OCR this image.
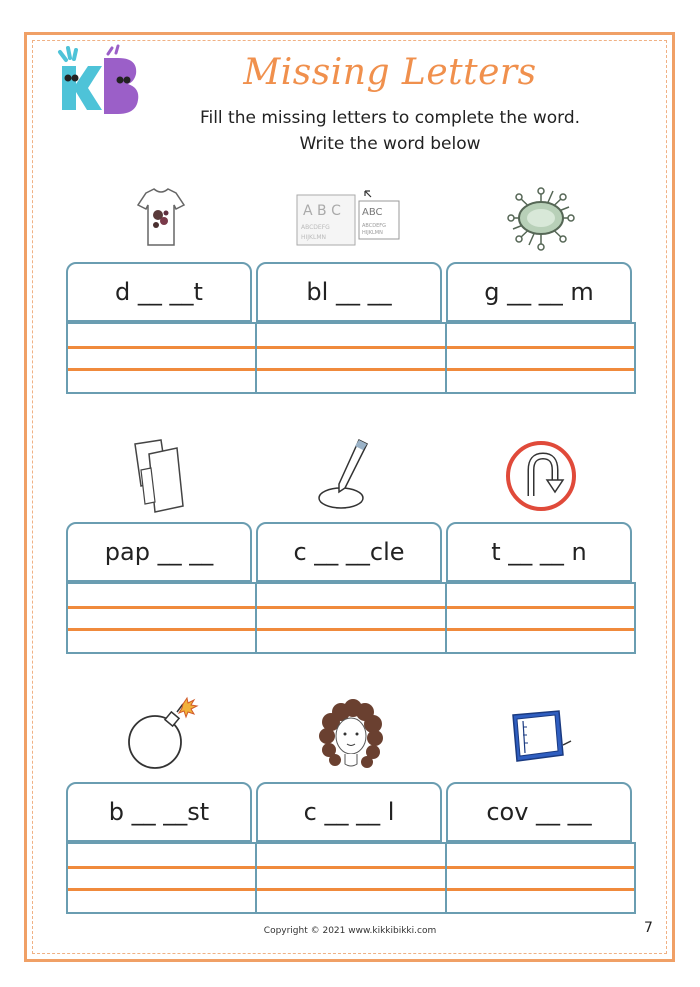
Missing Letters
Fill the missing letters to complete the word.
Write the word below
A B C
ABCDEFG
HIJKLMN
ABC
ABCDEFG
HIJKLMN
d __ __t	bl __ __	g __ __ m
pap __ __	c __ __cle	t __ __ n
b __ __st	c __ __ l	cov __ __
Copyright © 2021 www.kikkibikki.com	7
